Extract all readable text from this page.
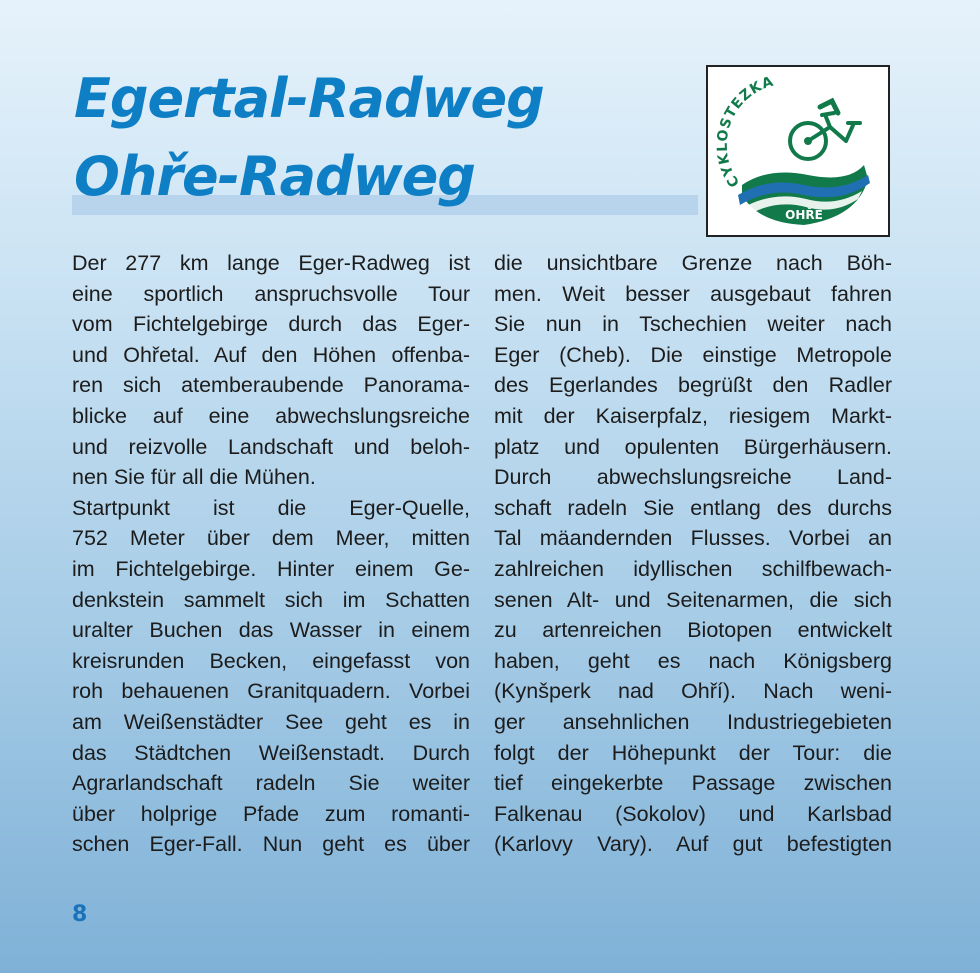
Egertal-Radweg
Ohře-Radweg	CYKLOSTEZKA
OHŘE

Der 277 km lange Eger-Radweg ist

eine sportlich anspruchsvolle Tour

vom Fichtelgebirge durch das Eger-

und Ohřetal. Auf den Höhen offenba-

ren sich atemberaubende Panorama-

blicke auf eine abwechslungsreiche

und reizvolle Landschaft und beloh-

nen Sie für all die Mühen.

Startpunkt ist die Eger-Quelle,

752 Meter über dem Meer, mitten

im Fichtelgebirge. Hinter einem Ge-

denkstein sammelt sich im Schatten

uralter Buchen das Wasser in einem

kreisrunden Becken, eingefasst von

roh behauenen Granitquadern. Vorbei

am Weißenstädter See geht es in

das Städtchen Weißenstadt. Durch

Agrarlandschaft radeln Sie weiter

über holprige Pfade zum romanti-

schen Eger-Fall. Nun geht es über

die unsichtbare Grenze nach Böh-

men. Weit besser ausgebaut fahren

Sie nun in Tschechien weiter nach

Eger (Cheb). Die einstige Metropole

des Egerlandes begrüßt den Radler

mit der Kaiserpfalz, riesigem Markt-

platz und opulenten Bürgerhäusern.

Durch abwechslungsreiche Land-

schaft radeln Sie entlang des durchs

Tal mäandernden Flusses. Vorbei an

zahlreichen idyllischen schilfbewach-

senen Alt- und Seitenarmen, die sich

zu artenreichen Biotopen entwickelt

haben, geht es nach Königsberg

(Kynšperk nad Ohří). Nach weni-

ger ansehnlichen Industriegebieten

folgt der Höhepunkt der Tour: die

tief eingekerbte Passage zwischen

Falkenau (Sokolov) und Karlsbad

(Karlovy Vary). Auf gut befestigten

8
